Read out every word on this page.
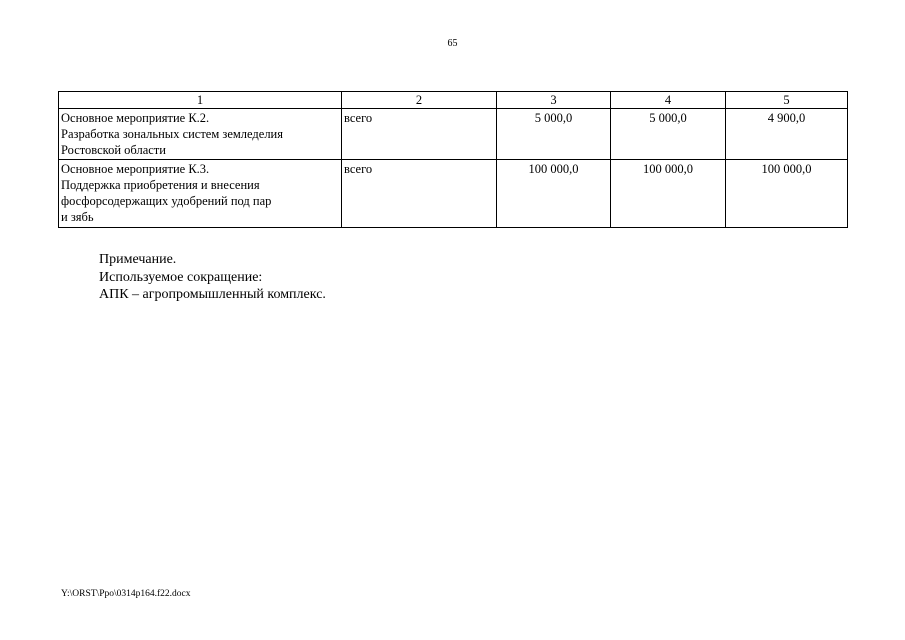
65
1	2	3	4	5

Основное мероприятие К.2.
Разработка зональных систем земледелия
Ростовской области	всего	5 000,0	5 000,0	4 900,0

Основное мероприятие К.3.
Поддержка приобретения и внесения
фосфорсодержащих удобрений под пар
и зябь	всего	100 000,0	100 000,0	100 000,0
Примечание.
Используемое сокращение:
АПК – агропромышленный комплекс.
Y:\ORST\Ppo\0314p164.f22.docx
